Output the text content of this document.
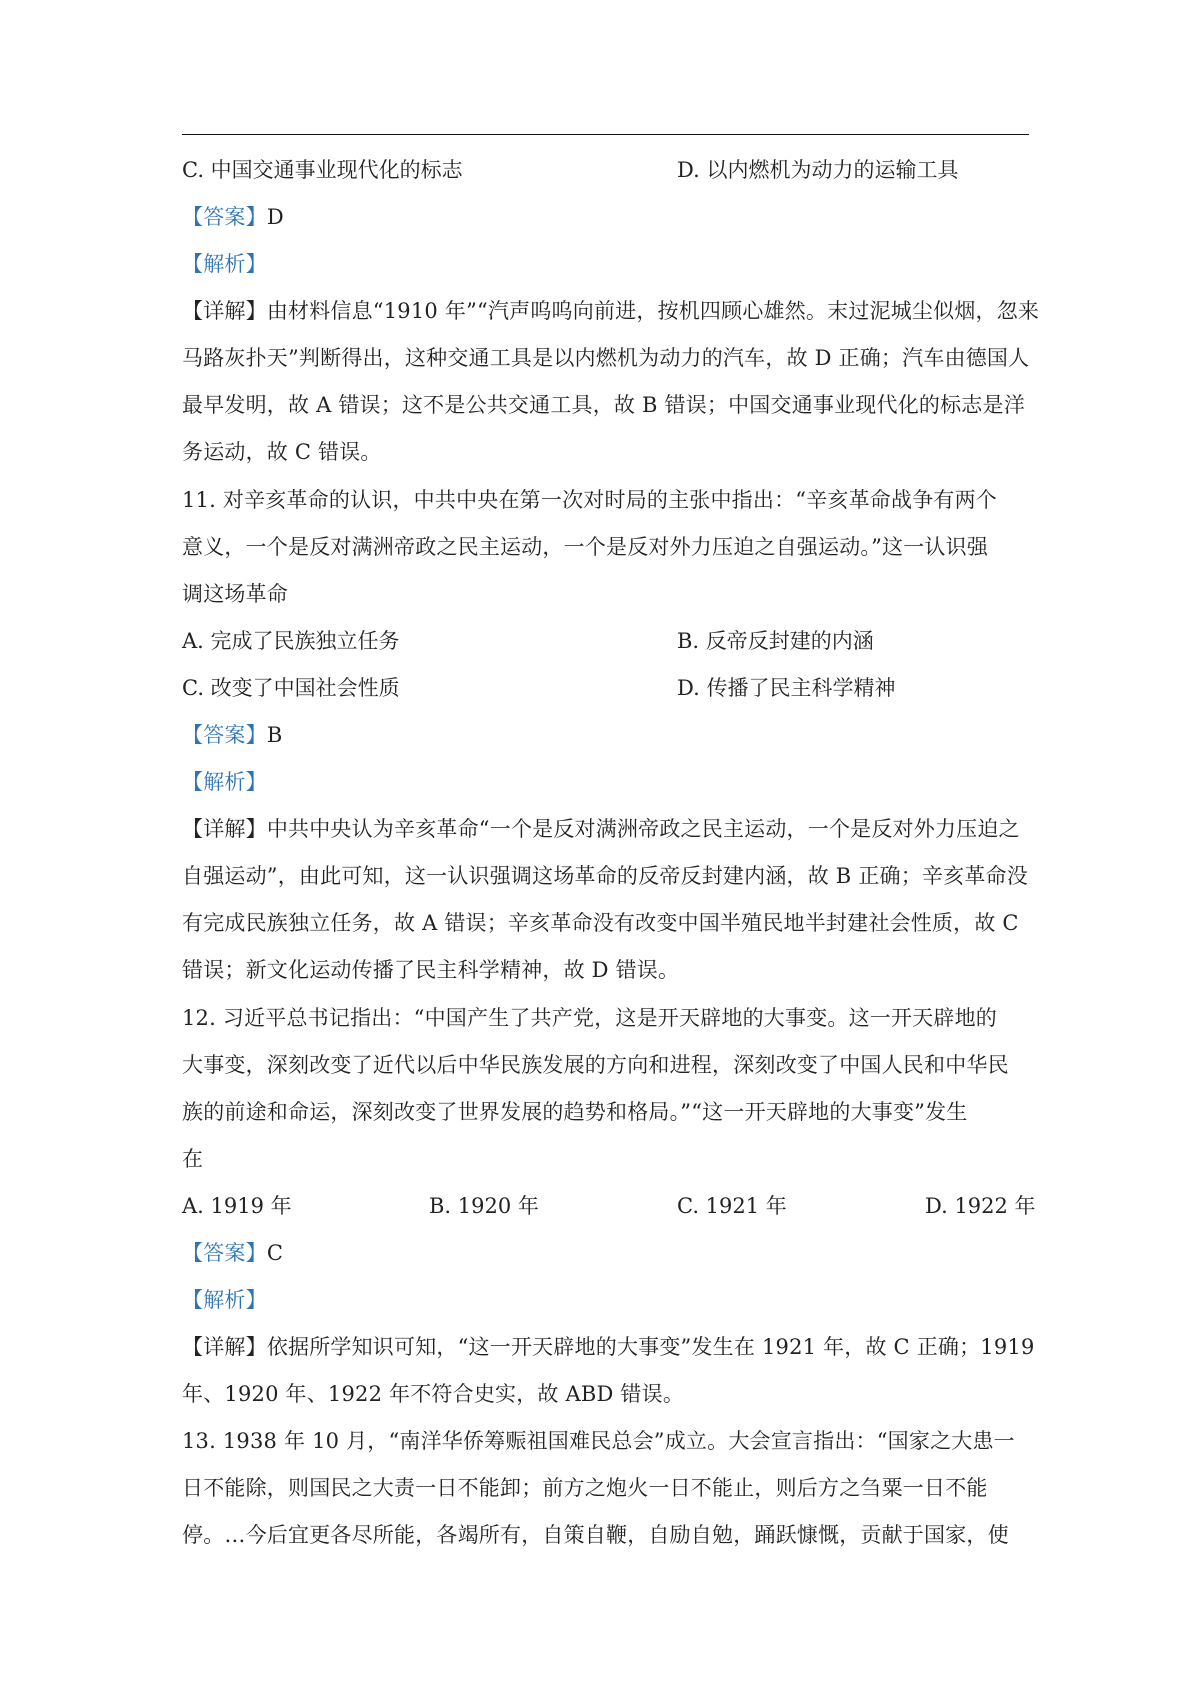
C. 中国交通事业现代化的标志	D. 以内燃机为动力的运输工具
【答案】D
【解析】
【详解】由材料信息“1910 年”“汽声呜呜向前进，按机四顾心雄然。末过泥城尘似烟，忽来
马路灰扑天”判断得出，这种交通工具是以内燃机为动力的汽车，故 D 正确；汽车由德国人
最早发明，故 A 错误；这不是公共交通工具，故 B 错误；中国交通事业现代化的标志是洋
务运动，故 C 错误。
11. 对辛亥革命的认识，中共中央在第一次对时局的主张中指出：“辛亥革命战争有两个
意义，一个是反对满洲帝政之民主运动，一个是反对外力压迫之自强运动。”这一认识强
调这场革命
A. 完成了民族独立任务	B. 反帝反封建的内涵
C. 改变了中国社会性质	D. 传播了民主科学精神
【答案】B
【解析】
【详解】中共中央认为辛亥革命“一个是反对满洲帝政之民主运动，一个是反对外力压迫之
自强运动”，由此可知，这一认识强调这场革命的反帝反封建内涵，故 B 正确；辛亥革命没
有完成民族独立任务，故 A 错误；辛亥革命没有改变中国半殖民地半封建社会性质，故 C
错误；新文化运动传播了民主科学精神，故 D 错误。
12. 习近平总书记指出：“中国产生了共产党，这是开天辟地的大事变。这一开天辟地的
大事变，深刻改变了近代以后中华民族发展的方向和进程，深刻改变了中国人民和中华民
族的前途和命运，深刻改变了世界发展的趋势和格局。”“这一开天辟地的大事变”发生
在
A. 1919 年	B. 1920 年	C. 1921 年	D. 1922 年
【答案】C
【解析】
【详解】依据所学知识可知，“这一开天辟地的大事变”发生在 1921 年，故 C 正确；1919
年、1920 年、1922 年不符合史实，故 ABD 错误。
13. 1938 年 10 月，“南洋华侨筹赈祖国难民总会”成立。大会宣言指出：“国家之大患一
日不能除，则国民之大责一日不能卸；前方之炮火一日不能止，则后方之刍粟一日不能
停。…今后宜更各尽所能，各竭所有，自策自鞭，自励自勉，踊跃慷慨，贡献于国家，使
